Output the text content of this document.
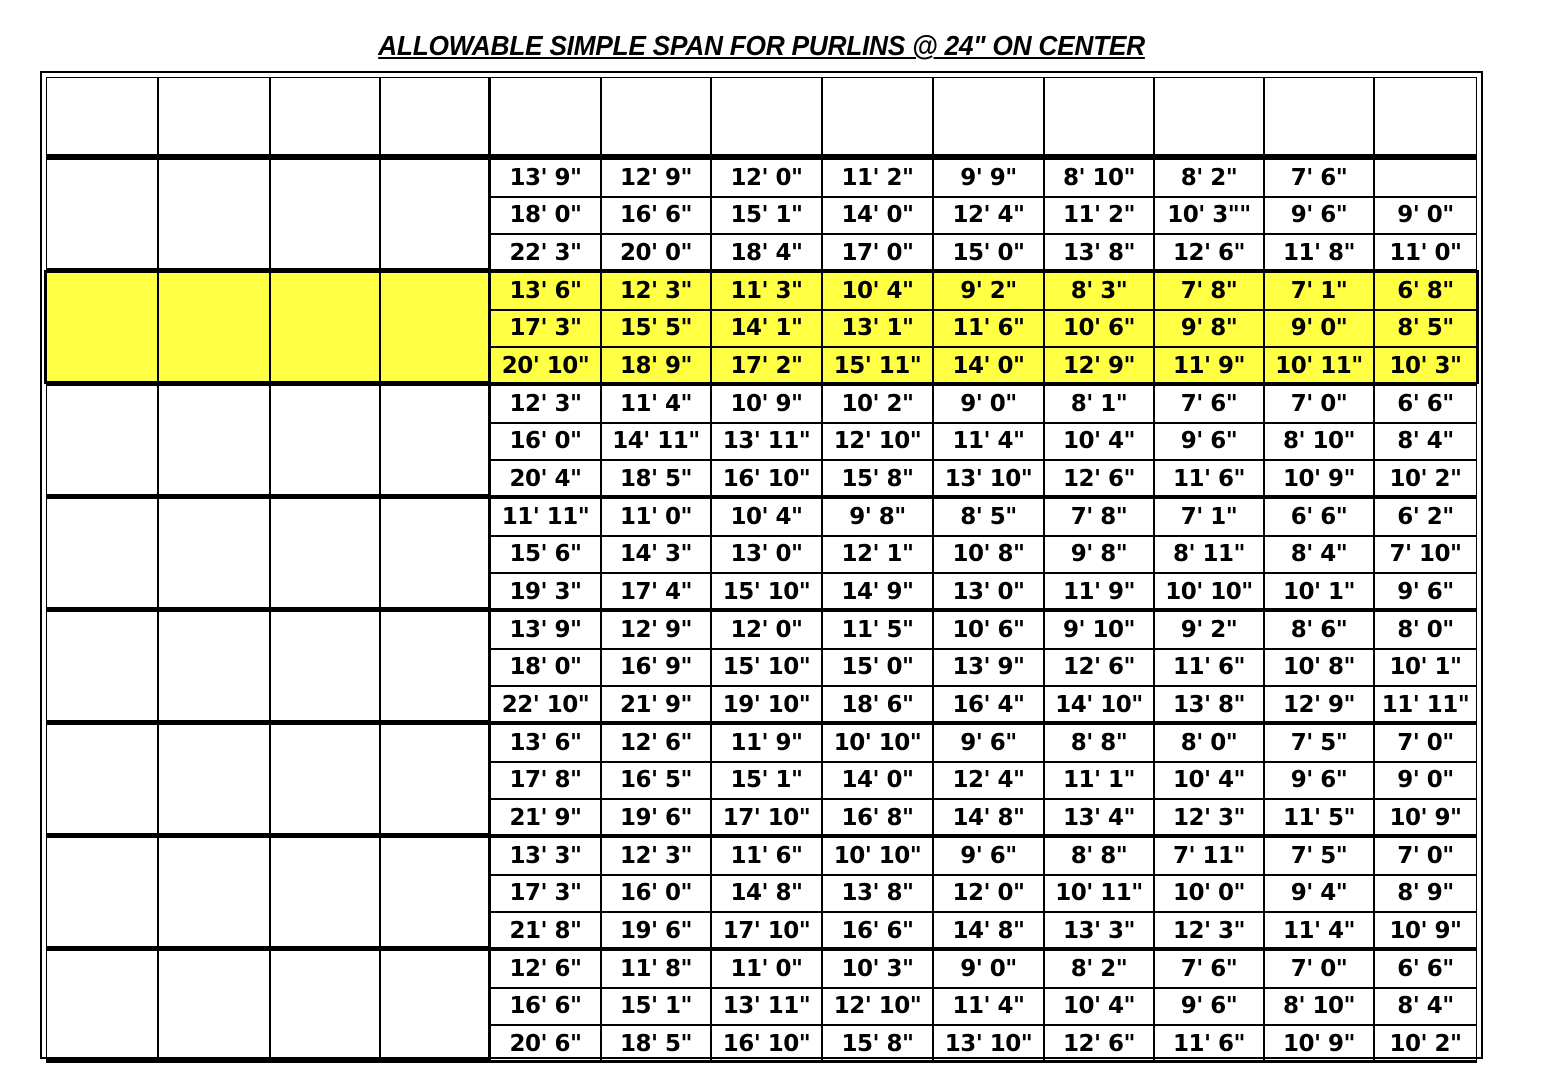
ALLOWABLE SIMPLE SPAN FOR PURLINS @ 24" ON CENTER
13' 9"	12' 9"	12' 0"	11' 2"	9' 9"	8' 10"	8' 2"	7' 6"
18' 0"	16' 6"	15' 1"	14' 0"	12' 4"	11' 2"	10' 3""	9' 6"	9' 0"
22' 3"	20' 0"	18' 4"	17' 0"	15' 0"	13' 8"	12' 6"	11' 8"	11' 0"
13' 6"	12' 3"	11' 3"	10' 4"	9' 2"	8' 3"	7' 8"	7' 1"	6' 8"
17' 3"	15' 5"	14' 1"	13' 1"	11' 6"	10' 6"	9' 8"	9' 0"	8' 5"
20' 10"	18' 9"	17' 2"	15' 11"	14' 0"	12' 9"	11' 9"	10' 11"	10' 3"
12' 3"	11' 4"	10' 9"	10' 2"	9' 0"	8' 1"	7' 6"	7' 0"	6' 6"
16' 0"	14' 11" 13' 11"	12' 10"	11' 4"	10' 4"	9' 6"	8' 10"	8' 4"
20' 4"	18' 5"	16' 10"	15' 8"	13' 10"	12' 6"	11' 6"	10' 9"	10' 2"
11' 11"	11' 0"	10' 4"	9' 8"	8' 5"	7' 8"	7' 1"	6' 6"	6' 2"
15' 6"	14' 3"	13' 0"	12' 1"	10' 8"	9' 8"	8' 11"	8' 4"	7' 10"
19' 3"	17' 4"	15' 10"	14' 9"	13' 0"	11' 9"	10' 10"	10' 1"	9' 6"
13' 9"	12' 9"	12' 0"	11' 5"	10' 6"	9' 10"	9' 2"	8' 6"	8' 0"
18' 0"	16' 9"	15' 10"	15' 0"	13' 9"	12' 6"	11' 6"	10' 8"	10' 1"
22' 10"	21' 9"	19' 10"	18' 6"	16' 4"	14' 10"	13' 8"	12' 9"	11' 11"
13' 6"	12' 6"	11' 9"	10' 10"	9' 6"	8' 8"	8' 0"	7' 5"	7' 0"
17' 8"	16' 5"	15' 1"	14' 0"	12' 4"	11' 1"	10' 4"	9' 6"	9' 0"
21' 9"	19' 6"	17' 10"	16' 8"	14' 8"	13' 4"	12' 3"	11' 5"	10' 9"
13' 3"	12' 3"	11' 6"	10' 10"	9' 6"	8' 8"	7' 11"	7' 5"	7' 0"
17' 3"	16' 0"	14' 8"	13' 8"	12' 0"	10' 11"	10' 0"	9' 4"	8' 9"
21' 8"	19' 6"	17' 10"	16' 6"	14' 8"	13' 3"	12' 3"	11' 4"	10' 9"
12' 6"	11' 8"	11' 0"	10' 3"	9' 0"	8' 2"	7' 6"	7' 0"	6' 6"
16' 6"	15' 1"	13' 11"	12' 10"	11' 4"	10' 4"	9' 6"	8' 10"	8' 4"
20' 6"	18' 5"	16' 10"	15' 8"	13' 10"	12' 6"	11' 6"	10' 9"	10' 2"
